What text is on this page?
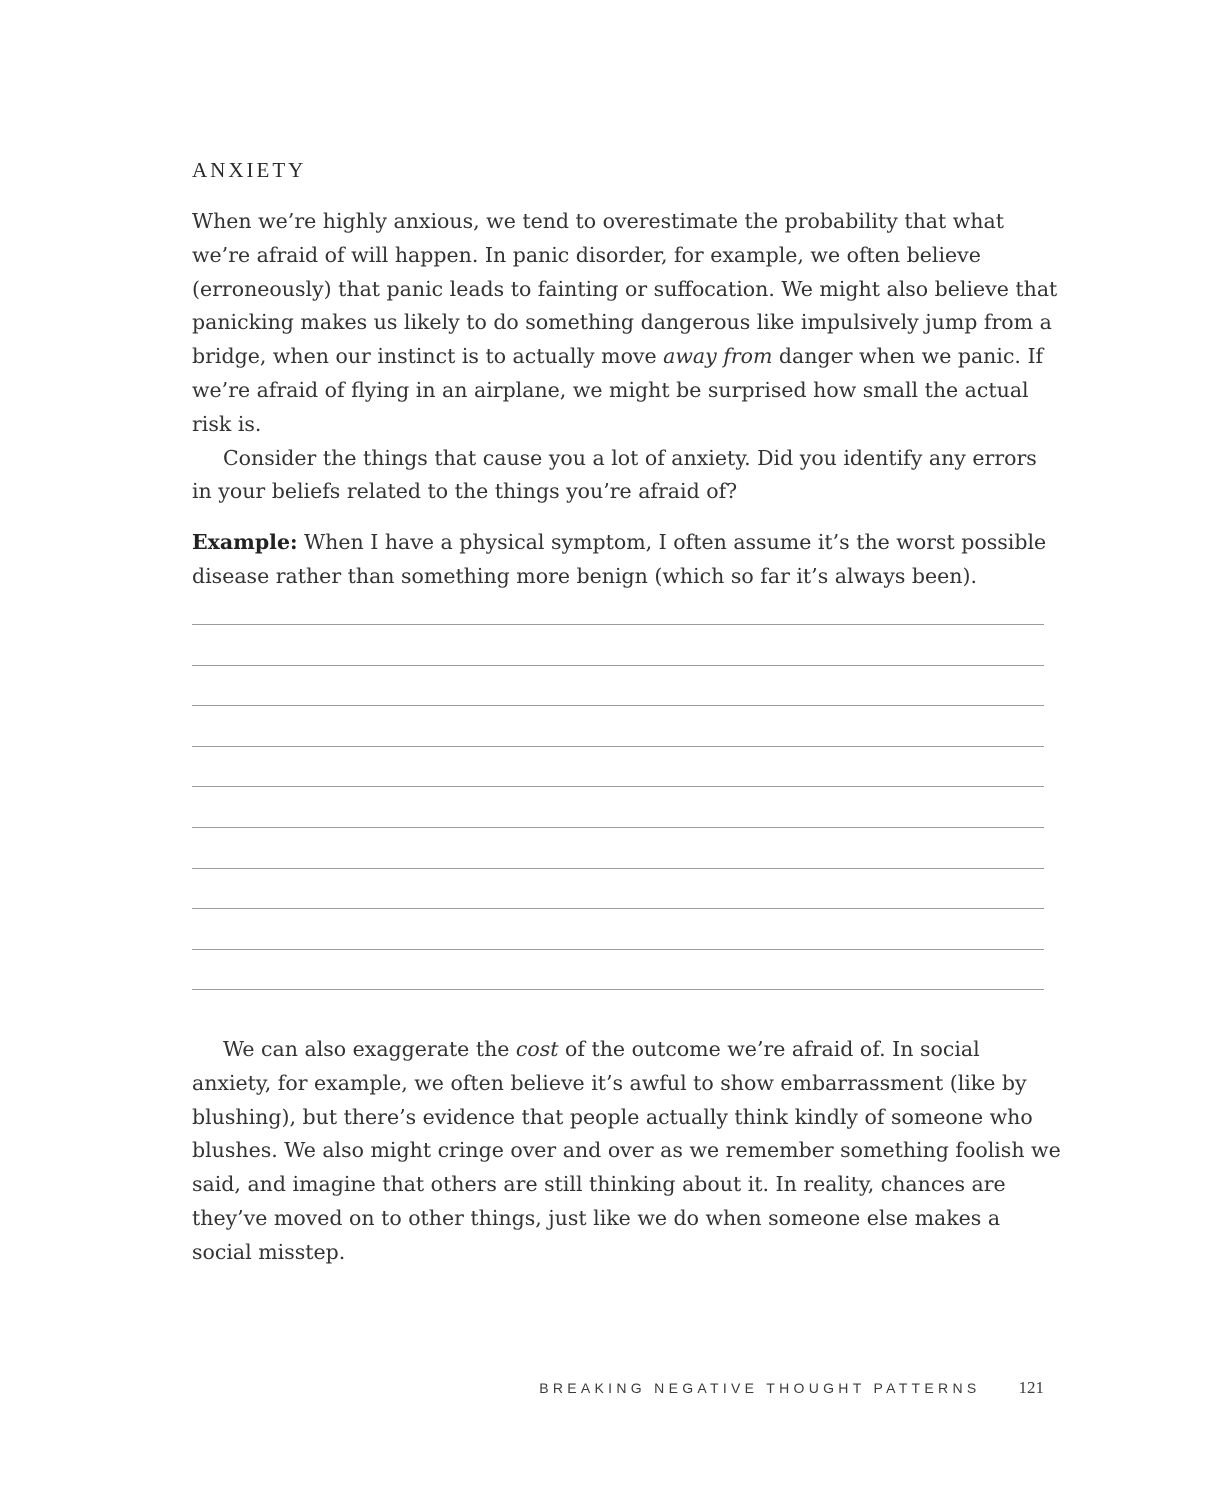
ANXIETY

When we’re highly anxious, we tend to overestimate the probability that what we’re afraid of will happen. In panic disorder, for example, we often believe (erroneously) that panic leads to fainting or suffocation. We might also believe that panicking makes us likely to do something dangerous like impulsively jump from a bridge, when our instinct is to actually move away from danger when we panic. If we’re afraid of flying in an airplane, we might be surprised how small the actual risk is.

Consider the things that cause you a lot of anxiety. Did you identify any errors in your beliefs related to the things you’re afraid of?

Example: When I have a physical symptom, I often assume it’s the worst possible disease rather than something more benign (which so far it’s always been).

We can also exaggerate the cost of the outcome we’re afraid of. In social anxiety, for example, we often believe it’s awful to show embarrassment (like by blushing), but there’s evidence that people actually think kindly of someone who blushes. We also might cringe over and over as we remember something foolish we said, and imagine that others are still thinking about it. In reality, chances are they’ve moved on to other things, just like we do when someone else makes a social misstep.

BREAKING NEGATIVE THOUGHT PATTERNS 121
